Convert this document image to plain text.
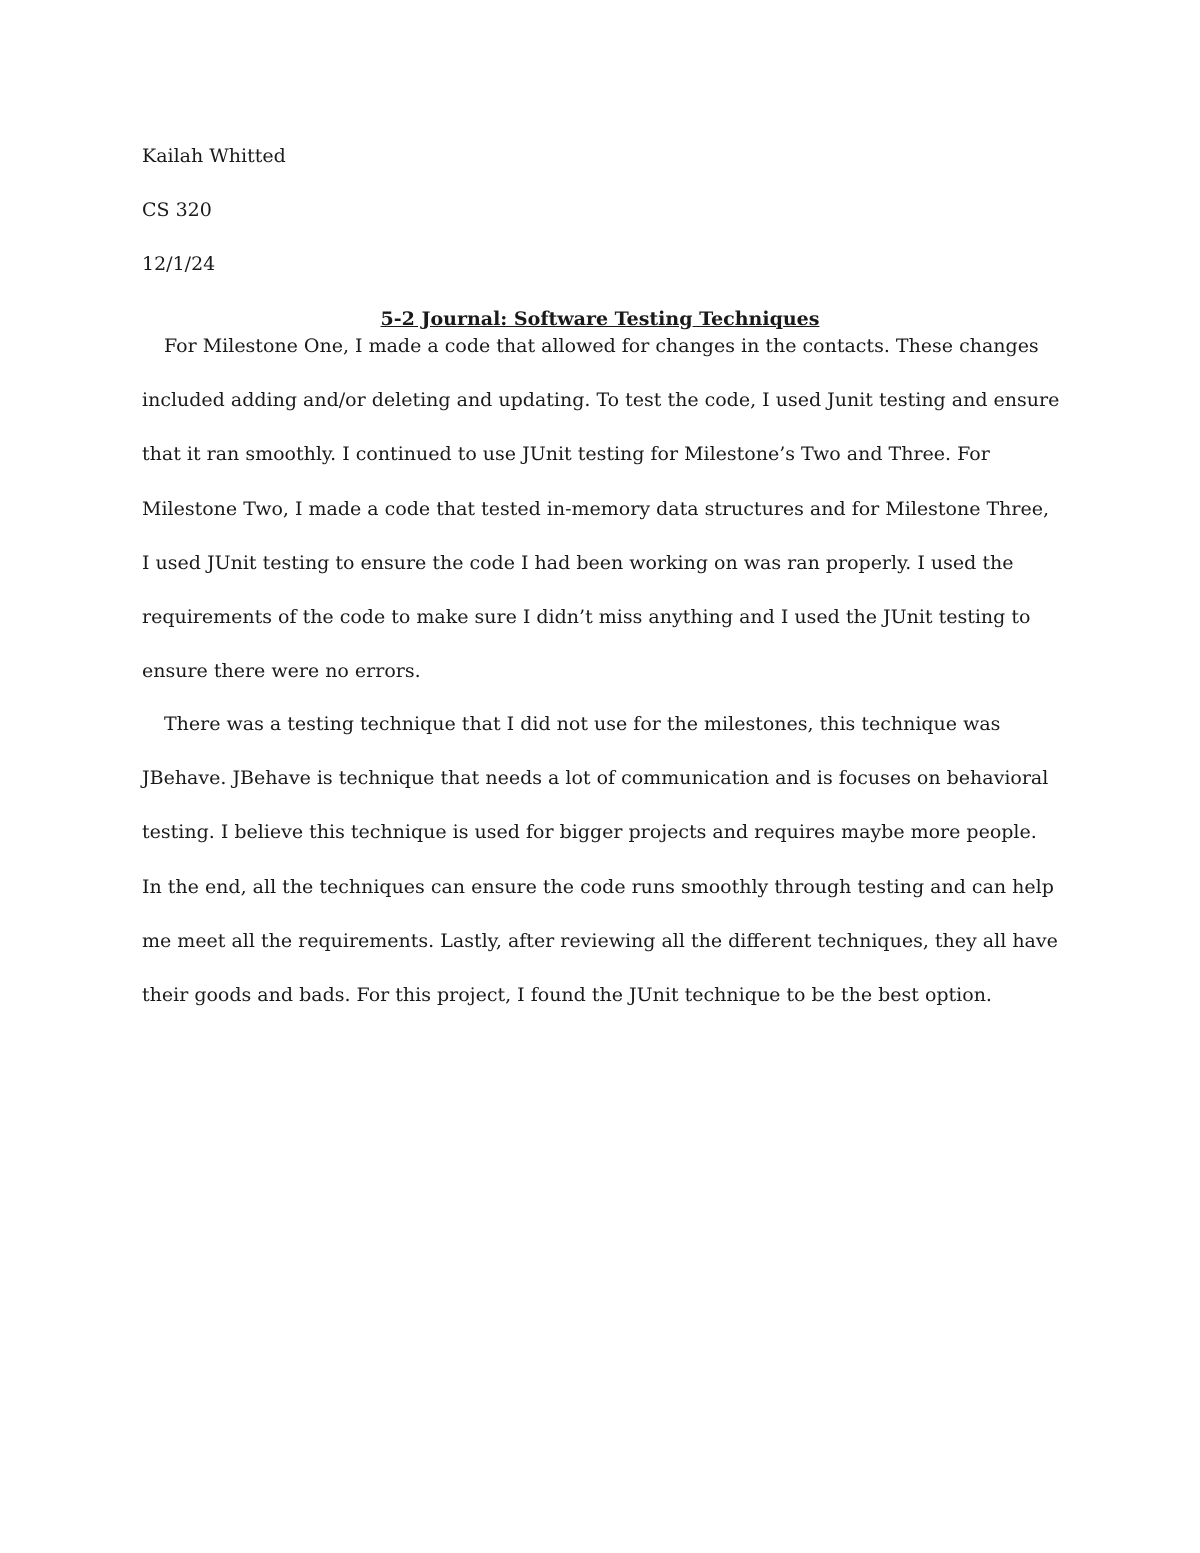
Kailah Whitted
CS 320
12/1/24
5-2 Journal: Software Testing Techniques

For Milestone One, I made a code that allowed for changes in the contacts. These changes included adding and/or deleting and updating. To test the code, I used Junit testing and ensure that it ran smoothly. I continued to use JUnit testing for Milestone’s Two and Three. For Milestone Two, I made a code that tested in-memory data structures and for Milestone Three, I used JUnit testing to ensure the code I had been working on was ran properly. I used the requirements of the code to make sure I didn’t miss anything and I used the JUnit testing to ensure there were no errors.

There was a testing technique that I did not use for the milestones, this technique was JBehave. JBehave is technique that needs a lot of communication and is focuses on behavioral testing. I believe this technique is used for bigger projects and requires maybe more people. In the end, all the techniques can ensure the code runs smoothly through testing and can help me meet all the requirements. Lastly, after reviewing all the different techniques, they all have their goods and bads. For this project, I found the JUnit technique to be the best option.
